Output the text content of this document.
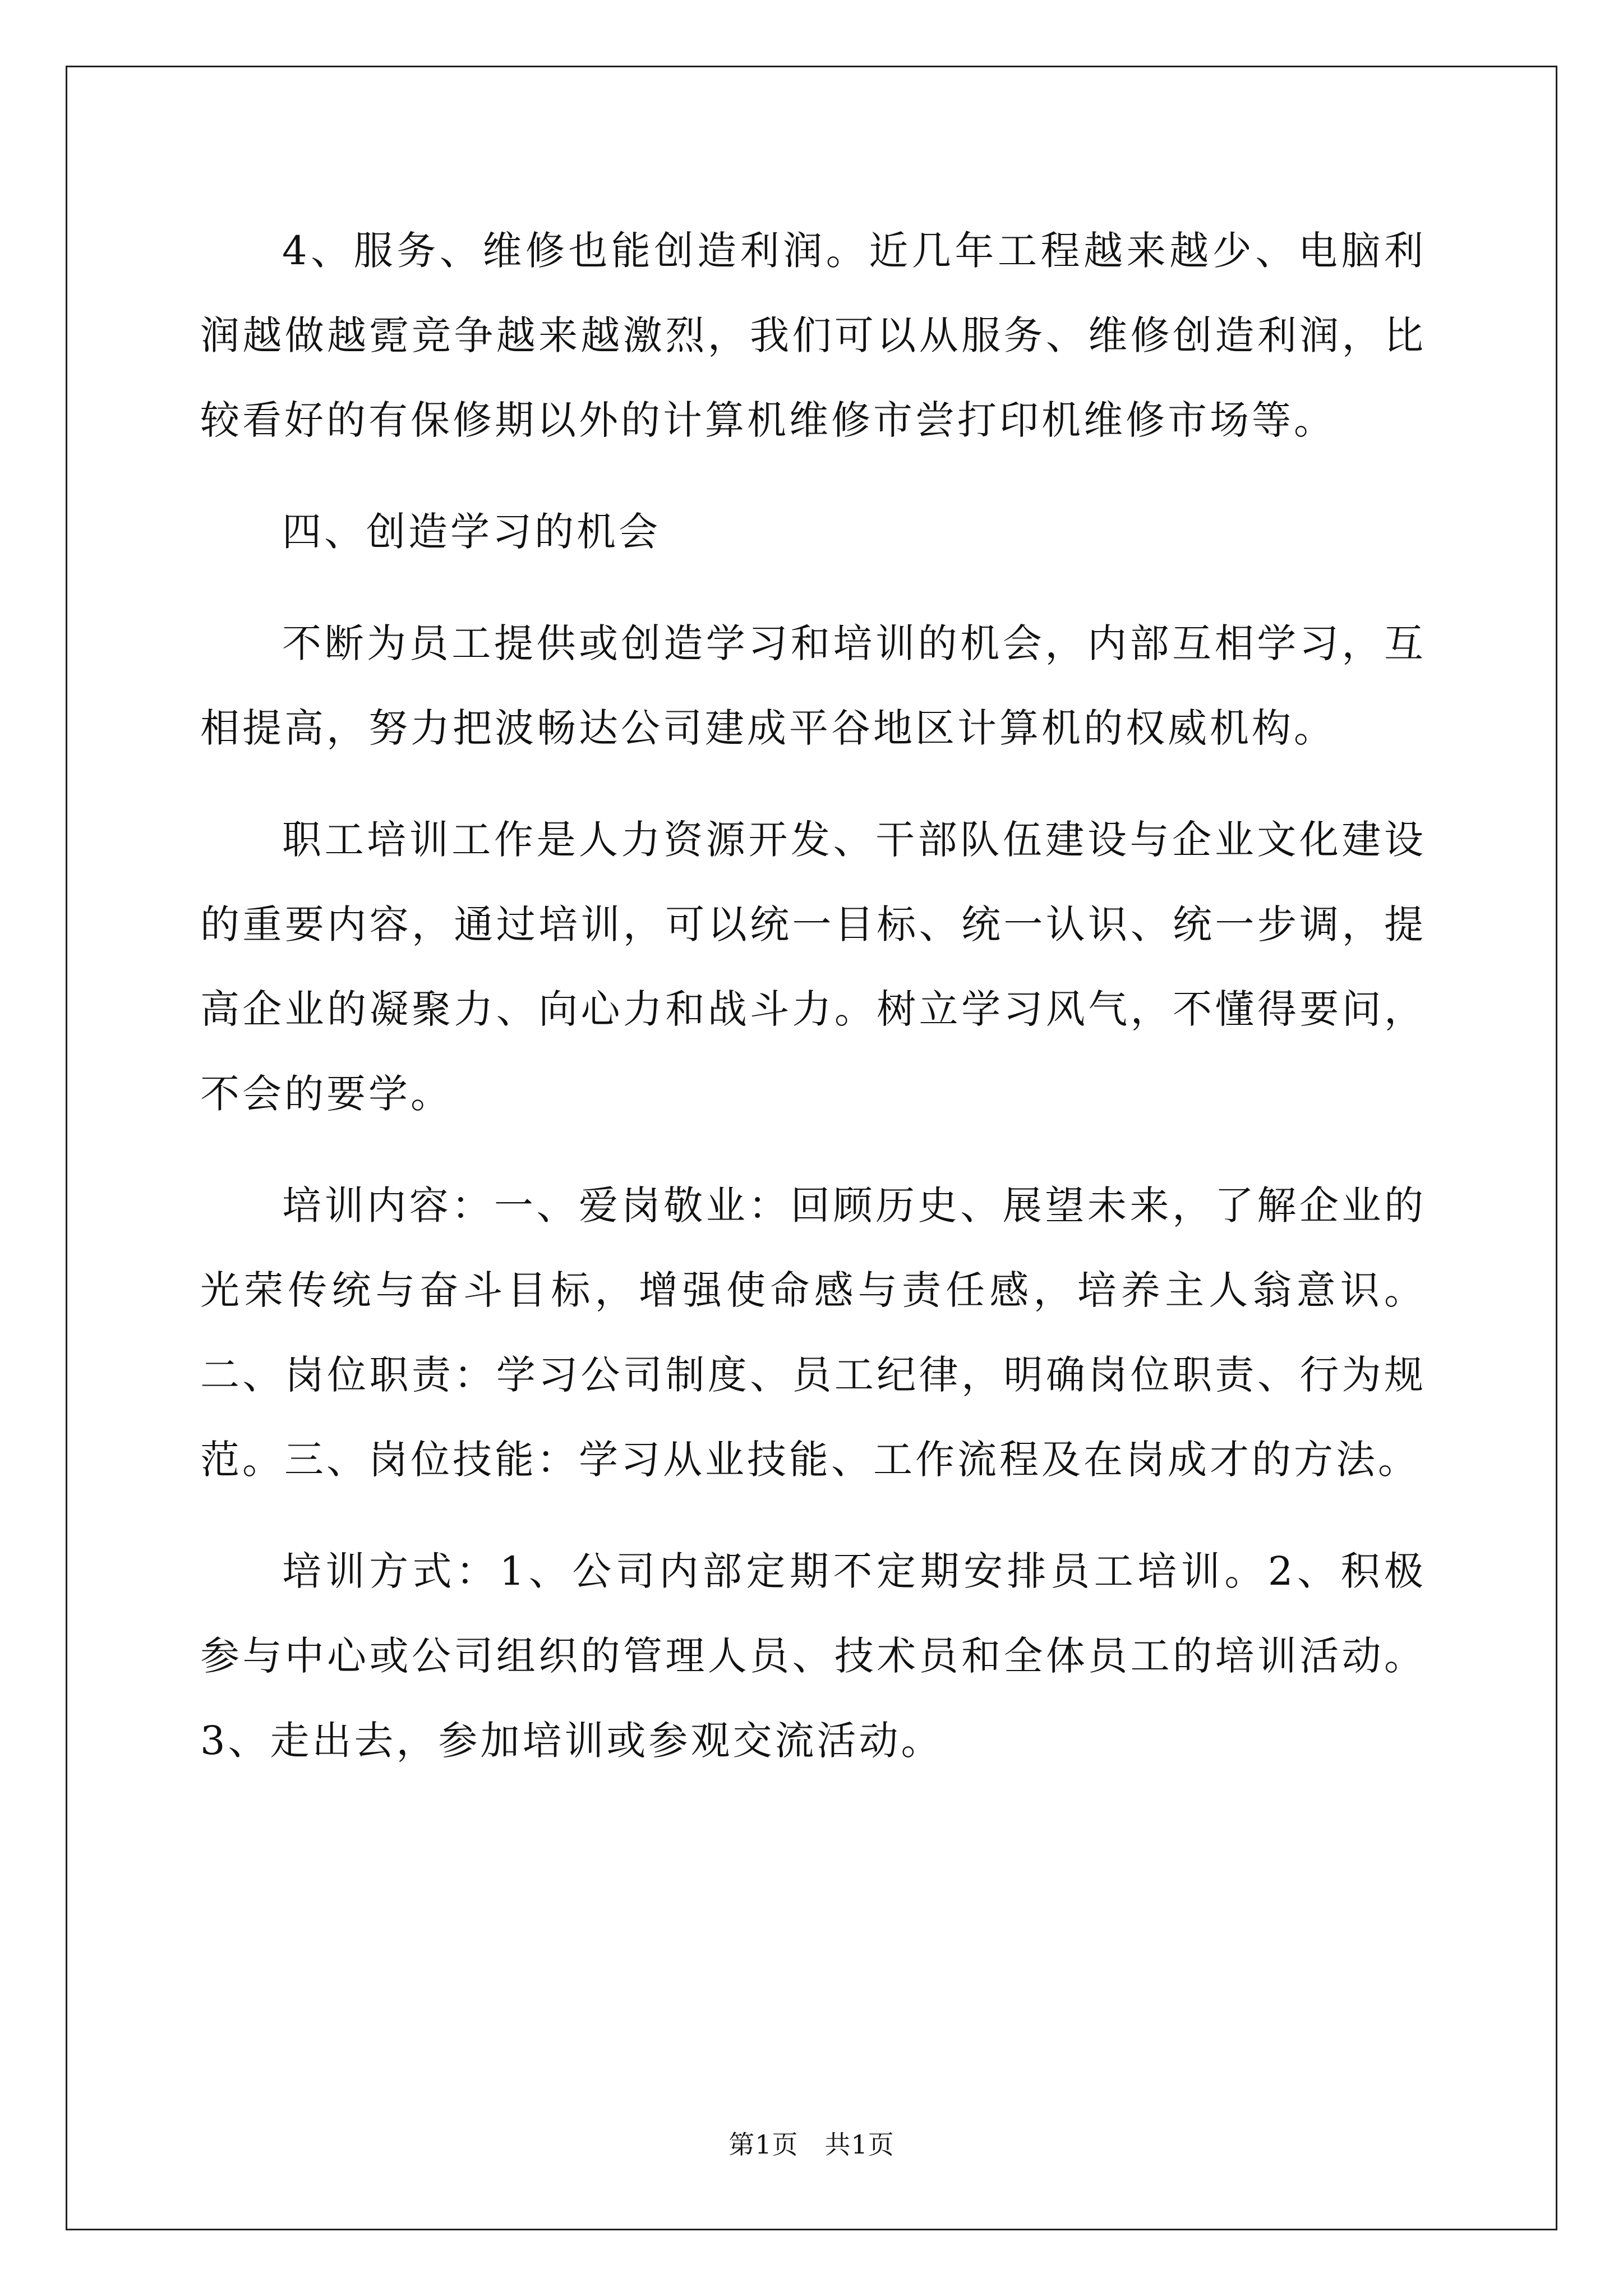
4、服务、维修也能创造利润。近几年工程越来越少、电脑利润越做越霓竞争越来越激烈，我们可以从服务、维修创造利润，比较看好的有保修期以外的计算机维修市尝打印机维修市场等。

四、创造学习的机会

不断为员工提供或创造学习和培训的机会，内部互相学习，互相提高，努力把波畅达公司建成平谷地区计算机的权威机构。

职工培训工作是人力资源开发、干部队伍建设与企业文化建设的重要内容，通过培训，可以统一目标、统一认识、统一步调，提高企业的凝聚力、向心力和战斗力。树立学习风气，不懂得要问，不会的要学。

培训内容：一、爱岗敬业：回顾历史、展望未来，了解企业的光荣传统与奋斗目标，增强使命感与责任感，培养主人翁意识。二、岗位职责：学习公司制度、员工纪律，明确岗位职责、行为规范。三、岗位技能：学习从业技能、工作流程及在岗成才的方法。

培训方式：1、公司内部定期不定期安排员工培训。2、积极参与中心或公司组织的管理人员、技术员和全体员工的培训活动。3、走出去，参加培训或参观交流活动。

第1页 共1页
